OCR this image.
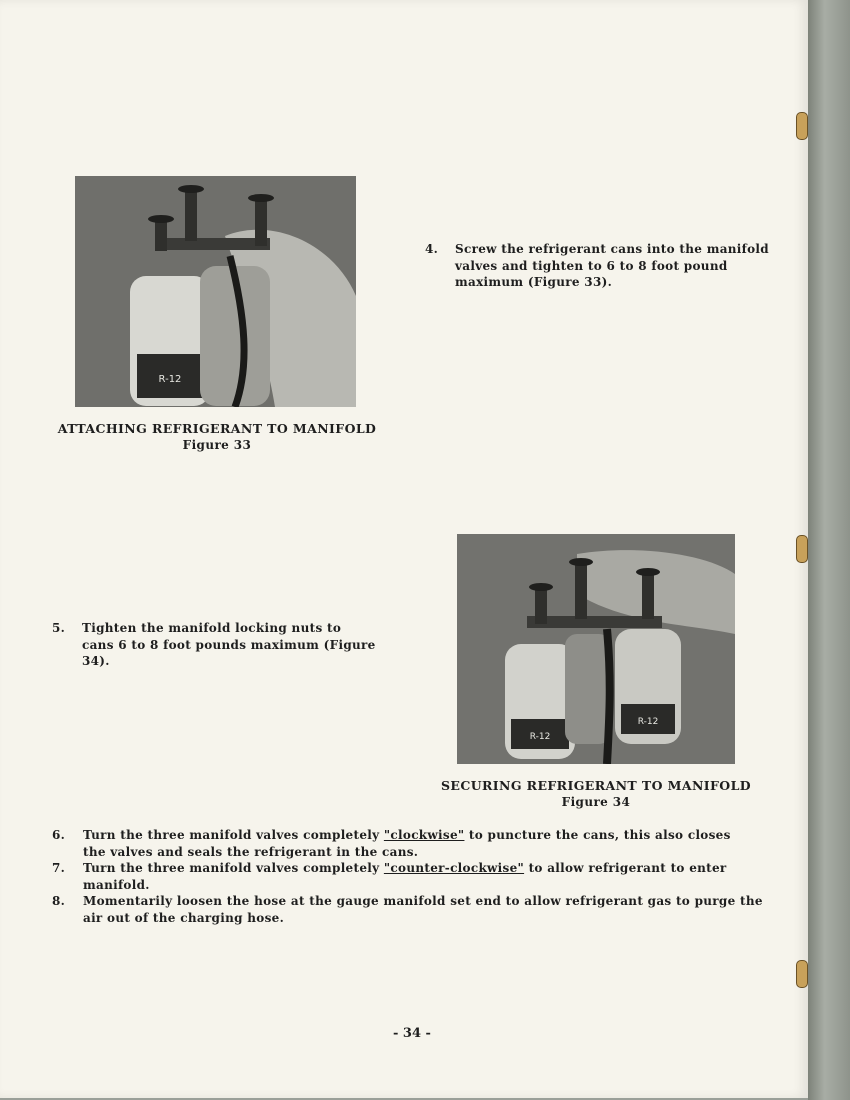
R-12
ATTACHING REFRIGERANT TO MANIFOLD
Figure 33
4. Screw the refrigerant cans into the manifold valves and tighten to 6 to 8 foot pound maximum (Figure 33).
5. Tighten the manifold locking nuts to cans 6 to 8 foot pounds maximum (Figure 34).
R-12
R-12
SECURING REFRIGERANT TO MANIFOLD
Figure 34
6. Turn the three manifold valves completely "clockwise" to puncture the cans, this also closes the valves and seals the refrigerant in the cans.
7. Turn the three manifold valves completely "counter-clockwise" to allow refrigerant to enter manifold.
8. Momentarily loosen the hose at the gauge manifold set end to allow refrigerant gas to purge the air out of the charging hose.
- 34 -
